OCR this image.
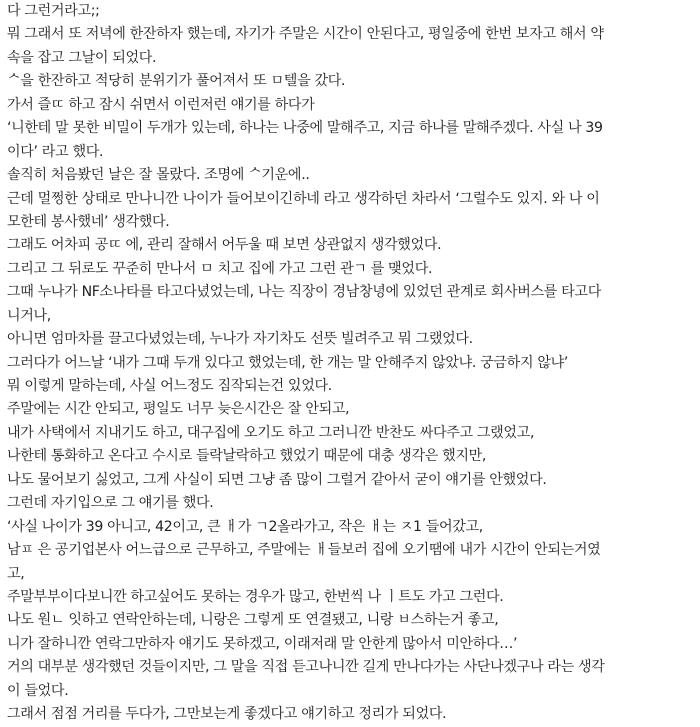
다 그런거라고;;
뭐 그래서 또 저녁에 한잔하자 했는데, 자기가 주말은 시간이 안된다고, 평일중에 한번 보자고 해서 약
속을 잡고 그날이 되었다.
ᄉ을 한잔하고 적당히 분위기가 풀어져서 또 ㅁ텔을 갔다.
가서 즐ㄸ 하고 잠시 쉬면서 이런저런 얘기를 하다가
‘니한테 말 못한 비밀이 두개가 있는데, 하나는 나중에 말해주고, 지금 하나를 말해주겠다. 사실 나 39
이다’ 라고 했다.
솔직히 처음봤던 날은 잘 몰랐다. 조명에 ᄉ기운에..
근데 멀쩡한 상태로 만나니깐 나이가 들어보이긴하네 라고 생각하던 차라서 ‘그럴수도 있지. 와 나 이
모한테 봉사했네’ 생각했다.
그래도 어차피 공ㄸ 에, 관리 잘해서 어두울 때 보면 상관없지 생각했었다.
그리고 그 뒤로도 꾸준히 만나서 ㅁ 치고 집에 가고 그런 관ㄱ 를 맺었다.
그때 누나가 NF소나타를 타고다녔었는데, 나는 직장이 경남창녕에 있었던 관계로 회사버스를 타고다
니거나,
아니면 엄마차를 끌고다녔었는데, 누나가 자기차도 선뜻 빌려주고 뭐 그랬었다.
그러다가 어느날 ‘내가 그때 두개 있다고 했었는데, 한 개는 말 안해주지 않았냐. 궁금하지 않냐’
뭐 이렇게 말하는데, 사실 어느정도 짐작되는건 있었다.
주말에는 시간 안되고, 평일도 너무 늦은시간은 잘 안되고,
내가 사택에서 지내기도 하고, 대구집에 오기도 하고 그러니깐 반찬도 싸다주고 그랬었고,
나한테 통화하고 온다고 수시로 들락날락하고 했었기 때문에 대충 생각은 했지만,
나도 물어보기 싫었고, 그게 사실이 되면 그냥 좀 많이 그럴거 같아서 굳이 얘기를 안했었다.
그런데 자기입으로 그 얘기를 했다.
‘사실 나이가 39 아니고, 42이고, 큰 ㅐ가 ㄱ2올라가고, 작은 ㅐ는 ㅈ1 들어갔고,
남ㅍ 은 공기업본사 어느급으로 근무하고, 주말에는 ㅐ들보러 집에 오기땜에 내가 시간이 안되는거였
고,
주말부부이다보니깐 하고싶어도 못하는 경우가 많고, 한번씩 나 ㅣ트도 가고 그런다.
나도 원ㄴ 잇하고 연락안하는데, 니랑은 그렇게 또 연결됐고, 니랑 ㅂ스하는거 좋고,
니가 잘하니깐 연락그만하자 얘기도 못하겠고, 이래저래 말 안한게 많아서 미안하다…’
거의 대부분 생각했던 것들이지만, 그 말을 직접 듣고나니깐 길게 만나다가는 사단나겠구나 라는 생각
이 들었다.
그래서 점점 거리를 두다가, 그만보는게 좋겠다고 얘기하고 정리가 되었다.
